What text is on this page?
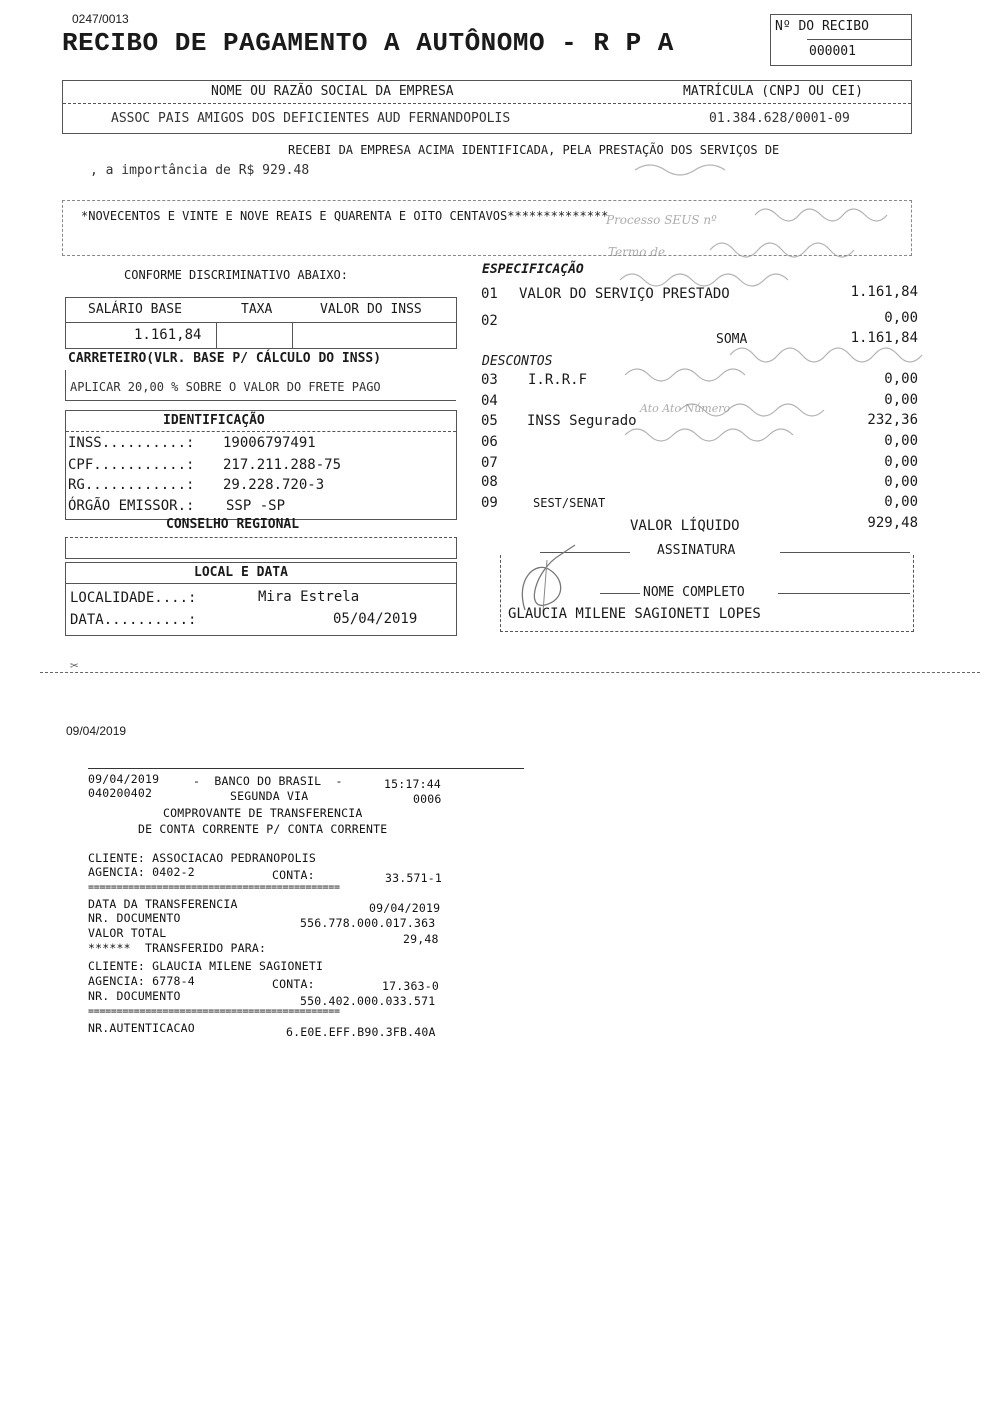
0247/0013
RECIBO DE PAGAMENTO A AUTÔNOMO - R P A
Nº DO RECIBO
000001
NOME OU RAZÃO SOCIAL DA EMPRESA	MATRÍCULA (CNPJ OU CEI)
ASSOC PAIS AMIGOS DOS DEFICIENTES AUD FERNANDOPOLIS	01.384.628/0001-09
RECEBI DA EMPRESA ACIMA IDENTIFICADA, PELA PRESTAÇÃO DOS SERVIÇOS DE
, a importância de R$ 929.48
*NOVECENTOS E VINTE E NOVE REAIS E QUARENTA E OITO CENTAVOS**************
CONFORME DISCRIMINATIVO ABAIXO:
SALÁRIO BASE	TAXA	VALOR DO INSS
1.161,84
CARRETEIRO(VLR. BASE P/ CÁLCULO DO INSS)
APLICAR 20,00 % SOBRE O VALOR DO FRETE PAGO
IDENTIFICAÇÃO
INSS..........: 19006797491
CPF...........: 217.211.288-75
RG............: 29.228.720-3
ÓRGÃO EMISSOR.: SSP -SP
CONSELHO REGIONAL
LOCAL E DATA
LOCALIDADE....:	Mira Estrela
DATA..........:	05/04/2019
ESPECIFICAÇÃO
01 VALOR DO SERVIÇO PRESTADO	1.161,84
02	0,00
SOMA	1.161,84
DESCONTOS
03 I.R.R.F	0,00
04	0,00
05 INSS Segurado	232,36
06	0,00
07	0,00
08	0,00
09	SEST/SENAT	0,00
VALOR LÍQUIDO	929,48
ASSINATURA
NOME COMPLETO
GLAUCIA MILENE SAGIONETI LOPES
Processo SEUS nº
Termo de
Ato Ato Número
✂
09/04/2019
09/04/2019	-  BANCO DO BRASIL  -	15:17:44
040200402	SEGUNDA VIA	0006
COMPROVANTE DE TRANSFERENCIA
DE CONTA CORRENTE P/ CONTA CORRENTE
CLIENTE: ASSOCIACAO PEDRANOPOLIS
AGENCIA: 0402-2	CONTA:	33.571-1
============================================
DATA DA TRANSFERENCIA	09/04/2019
NR. DOCUMENTO	556.778.000.017.363
VALOR TOTAL	29,48
******  TRANSFERIDO PARA:
CLIENTE: GLAUCIA MILENE SAGIONETI
AGENCIA: 6778-4	CONTA:	17.363-0
NR. DOCUMENTO	550.402.000.033.571
============================================
NR.AUTENTICACAO	6.E0E.EFF.B90.3FB.40A
